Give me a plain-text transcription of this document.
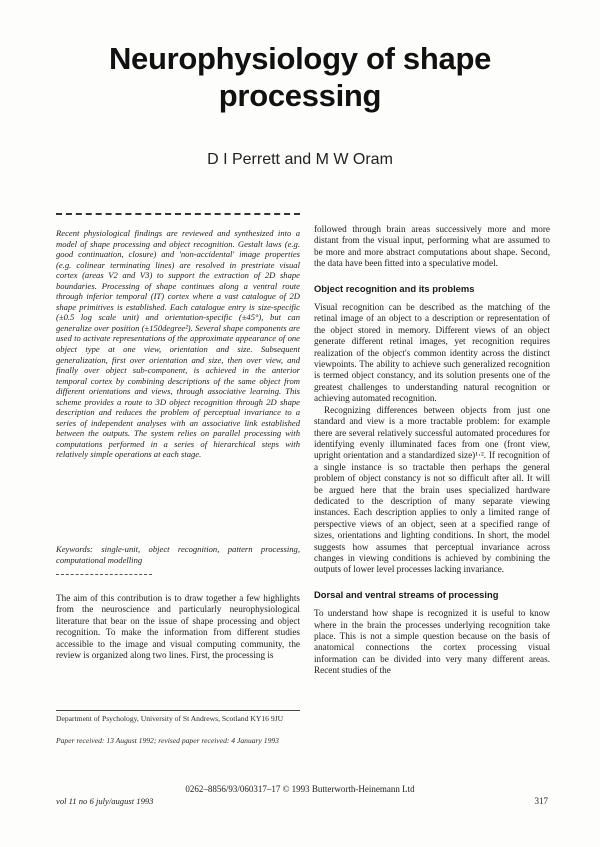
Neurophysiology of shape
processing
D I Perrett and M W Oram
Recent physiological findings are reviewed and synthesized into a model of shape processing and object recognition. Gestalt laws (e.g. good continuation, closure) and 'non-accidental' image properties (e.g. colinear terminating lines) are resolved in prestriate visual cortex (areas V2 and V3) to support the extraction of 2D shape boundaries. Processing of shape continues along a ventral route through inferior temporal (IT) cortex where a vast catalogue of 2D shape primitives is established. Each catalogue entry is size-specific (±0.5 log scale unit) and orientation-specific (±45°), but can generalize over position (±150degree²). Several shape components are used to activate representations of the approximate appearance of one object type at one view, orientation and size. Subsequent generalization, first over orientation and size, then over view, and finally over object sub-component, is achieved in the anterior temporal cortex by combining descriptions of the same object from different orientations and views, through associative learning. This scheme provides a route to 3D object recognition through 2D shape description and reduces the problem of perceptual invariance to a series of independent analyses with an associative link established between the outputs. The system relies on parallel processing with computations performed in a series of hierarchical steps with relatively simple operations at each stage.
Keywords: single-unit, object recognition, pattern processing, computational modelling
The aim of this contribution is to draw together a few highlights from the neuroscience and particularly neurophysiological literature that bear on the issue of shape processing and object recognition. To make the information from different studies accessible to the image and visual computing community, the review is organized along two lines. First, the processing is
Department of Psychology, University of St Andrews, Scotland KY16 9JU
Paper received: 13 August 1992; revised paper received: 4 January 1993
0262–8856/93/060317–17 © 1993 Butterworth-Heinemann Ltd
vol 11 no 6 july/august 1993	317

followed through brain areas successively more and more distant from the visual input, performing what are assumed to be more and more abstract computations about shape. Second, the data have been fitted into a speculative model.

Object recognition and its problems

Visual recognition can be described as the matching of the retinal image of an object to a description or representation of the object stored in memory. Different views of an object generate different retinal images, yet recognition requires realization of the object's common identity across the distinct viewpoints. The ability to achieve such generalized recognition is termed object constancy, and its solution presents one of the greatest challenges to understanding natural recognition or achieving automated recognition.

Recognizing differences between objects from just one standard and view is a more tractable problem: for example there are several relatively successful automated procedures for identifying evenly illuminated faces from one (front view, upright orientation and a standardized size)¹·². If recognition of a single instance is so tractable then perhaps the general problem of object constancy is not so difficult after all. It will be argued here that the brain uses specialized hardware dedicated to the description of many separate viewing instances. Each description applies to only a limited range of perspective views of an object, seen at a specified range of sizes, orientations and lighting conditions. In short, the model suggests how assumes that perceptual invariance across changes in viewing conditions is achieved by combining the outputs of lower level processes lacking invariance.

Dorsal and ventral streams of processing

To understand how shape is recognized it is useful to know where in the brain the processes underlying recognition take place. This is not a simple question because on the basis of anatomical connections the cortex processing visual information can be divided into very many different areas. Recent studies of the
